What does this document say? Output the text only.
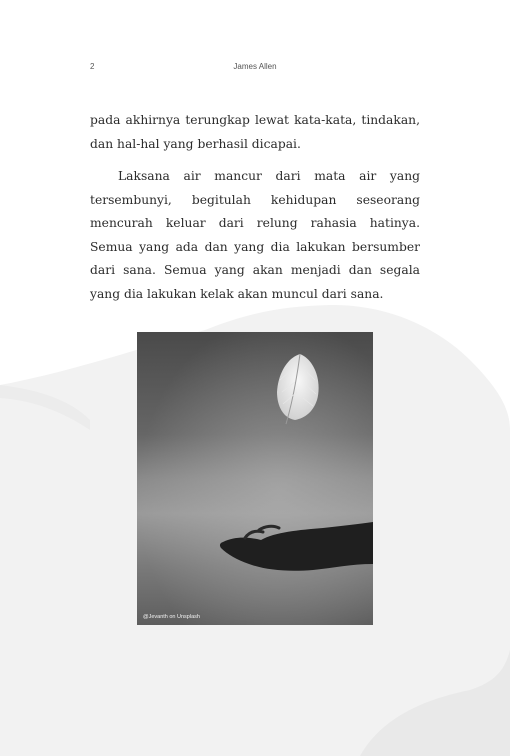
2	James Allen

pada akhirnya terungkap lewat kata-kata, tindakan, dan hal-hal yang berhasil dicapai.

Laksana air mancur dari mata air yang tersembunyi, begitulah kehidupan seseorang mencurah keluar dari relung rahasia hatinya. Semua yang ada dan yang dia lakukan bersumber dari sana. Semua yang akan menjadi dan segala yang dia lakukan kelak akan muncul dari sana.

@Jevanth on Unsplash
